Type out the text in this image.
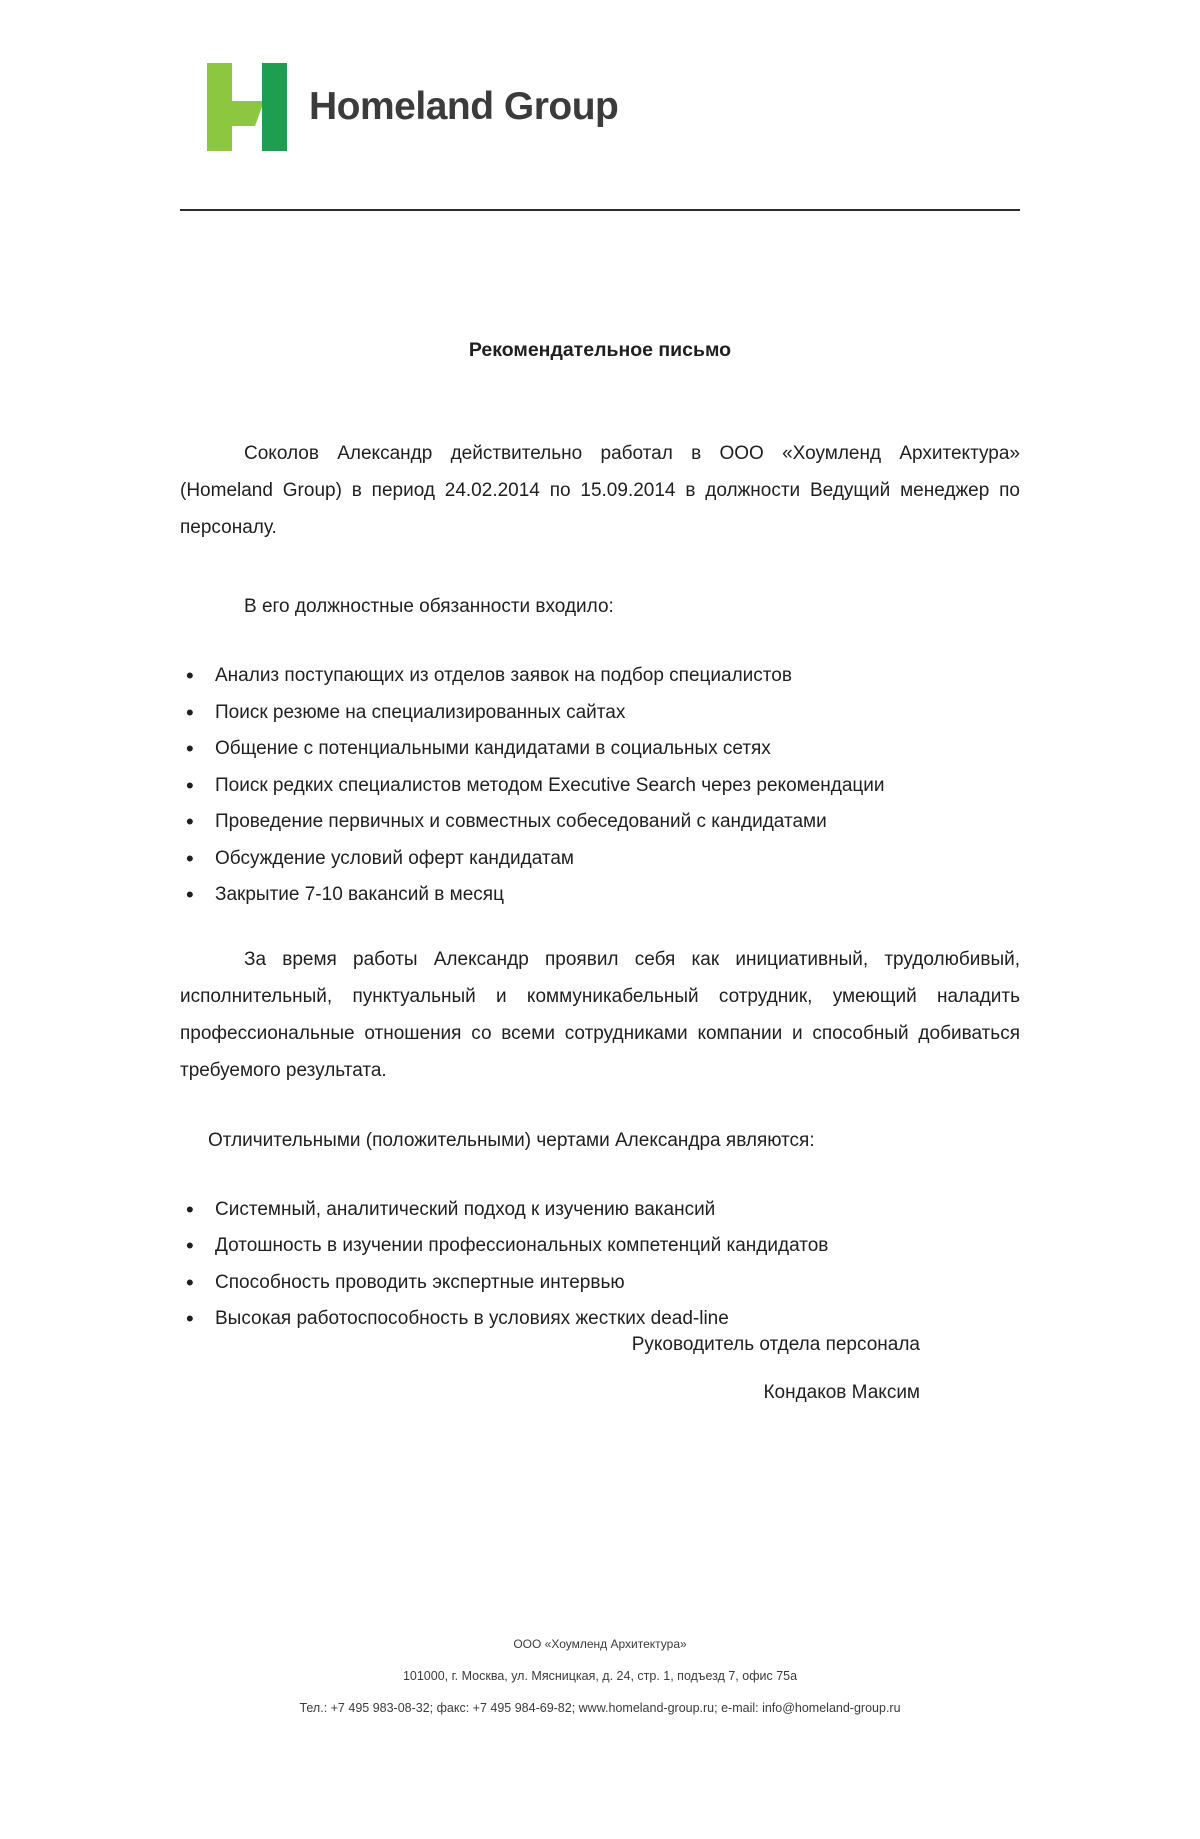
Homeland Group
Рекомендательное письмо

Соколов Александр действительно работал в ООО «Хоумленд Архитектура» (Homeland Group) в период 24.02.2014 по 15.09.2014 в должности Ведущий менеджер по персоналу.

В его должностные обязанности входило:

• Анализ поступающих из отделов заявок на подбор специалистов
• Поиск резюме на специализированных сайтах
• Общение с потенциальными кандидатами в социальных сетях
• Поиск редких специалистов методом Executive Search через рекомендации
• Проведение первичных и совместных собеседований с кандидатами
• Обсуждение условий оферт кандидатам
• Закрытие 7-10 вакансий в месяц

За время работы Александр проявил себя как инициативный, трудолюбивый, исполнительный, пунктуальный и коммуникабельный сотрудник, умеющий наладить профессиональные отношения со всеми сотрудниками компании и способный добиваться требуемого результата.

Отличительными (положительными) чертами Александра являются:

• Системный, аналитический подход к изучению вакансий
• Дотошность в изучении профессиональных компетенций кандидатов
• Способность проводить экспертные интервью
• Высокая работоспособность в условиях жестких dead-line
Руководитель отдела персонала
Кондаков Максим
ООО «Хоумленд Архитектура»
101000, г. Москва, ул. Мясницкая, д. 24, стр. 1, подъезд 7, офис 75а
Тел.: +7 495 983-08-32; факс: +7 495 984-69-82; www.homeland-group.ru; e-mail: info@homeland-group.ru
